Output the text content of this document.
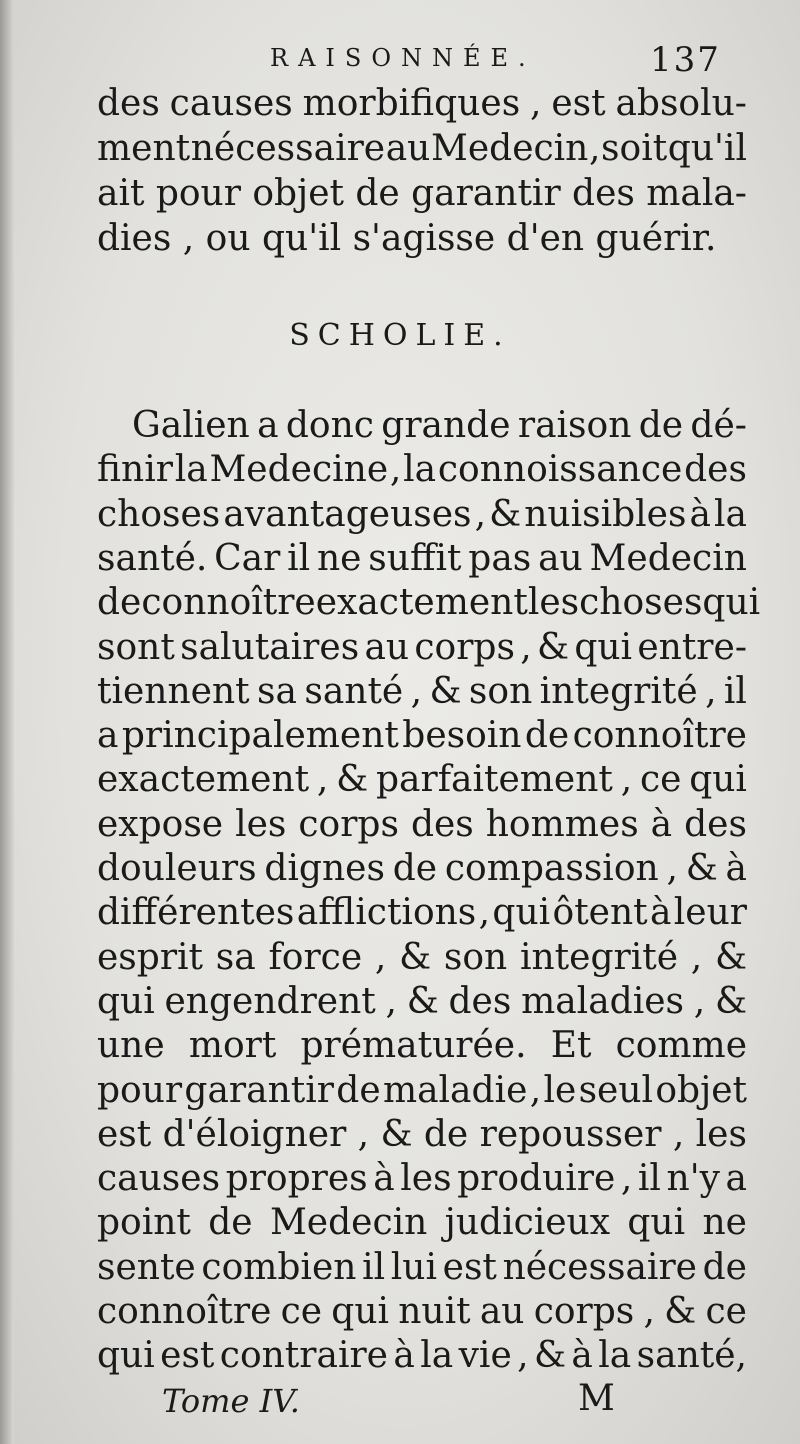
RAISONNÉE.	137
des causes morbifiques , est absolu-
ment nécessaire au Medecin , soit qu'il
ait pour objet de garantir des mala-
dies , ou qu'il s'agisse d'en guérir.
SCHOLIE.
Galien a donc grande raison de dé-
finir la Medecine , la connoissance des
choses avantageuses , & nuisibles à la
santé. Car il ne suffit pas au Medecin
de connoître exactement les choses qui
sont salutaires au corps , & qui entre-
tiennent sa santé , & son integrité , il
a principalement besoin de connoître
exactement , & parfaitement , ce qui
expose les corps des hommes à des
douleurs dignes de compassion , & à
différentes afflictions , qui ôtent à leur
esprit sa force , & son integrité , &
qui engendrent , & des maladies , &
une mort prématurée. Et comme
pour garantir de maladie , le seul objet
est d'éloigner , & de repousser , les
causes propres à les produire , il n'y a
point de Medecin judicieux qui ne
sente combien il lui est nécessaire de
connoître ce qui nuit au corps , & ce
qui est contraire à la vie , & à la santé,
Tome IV.	M
